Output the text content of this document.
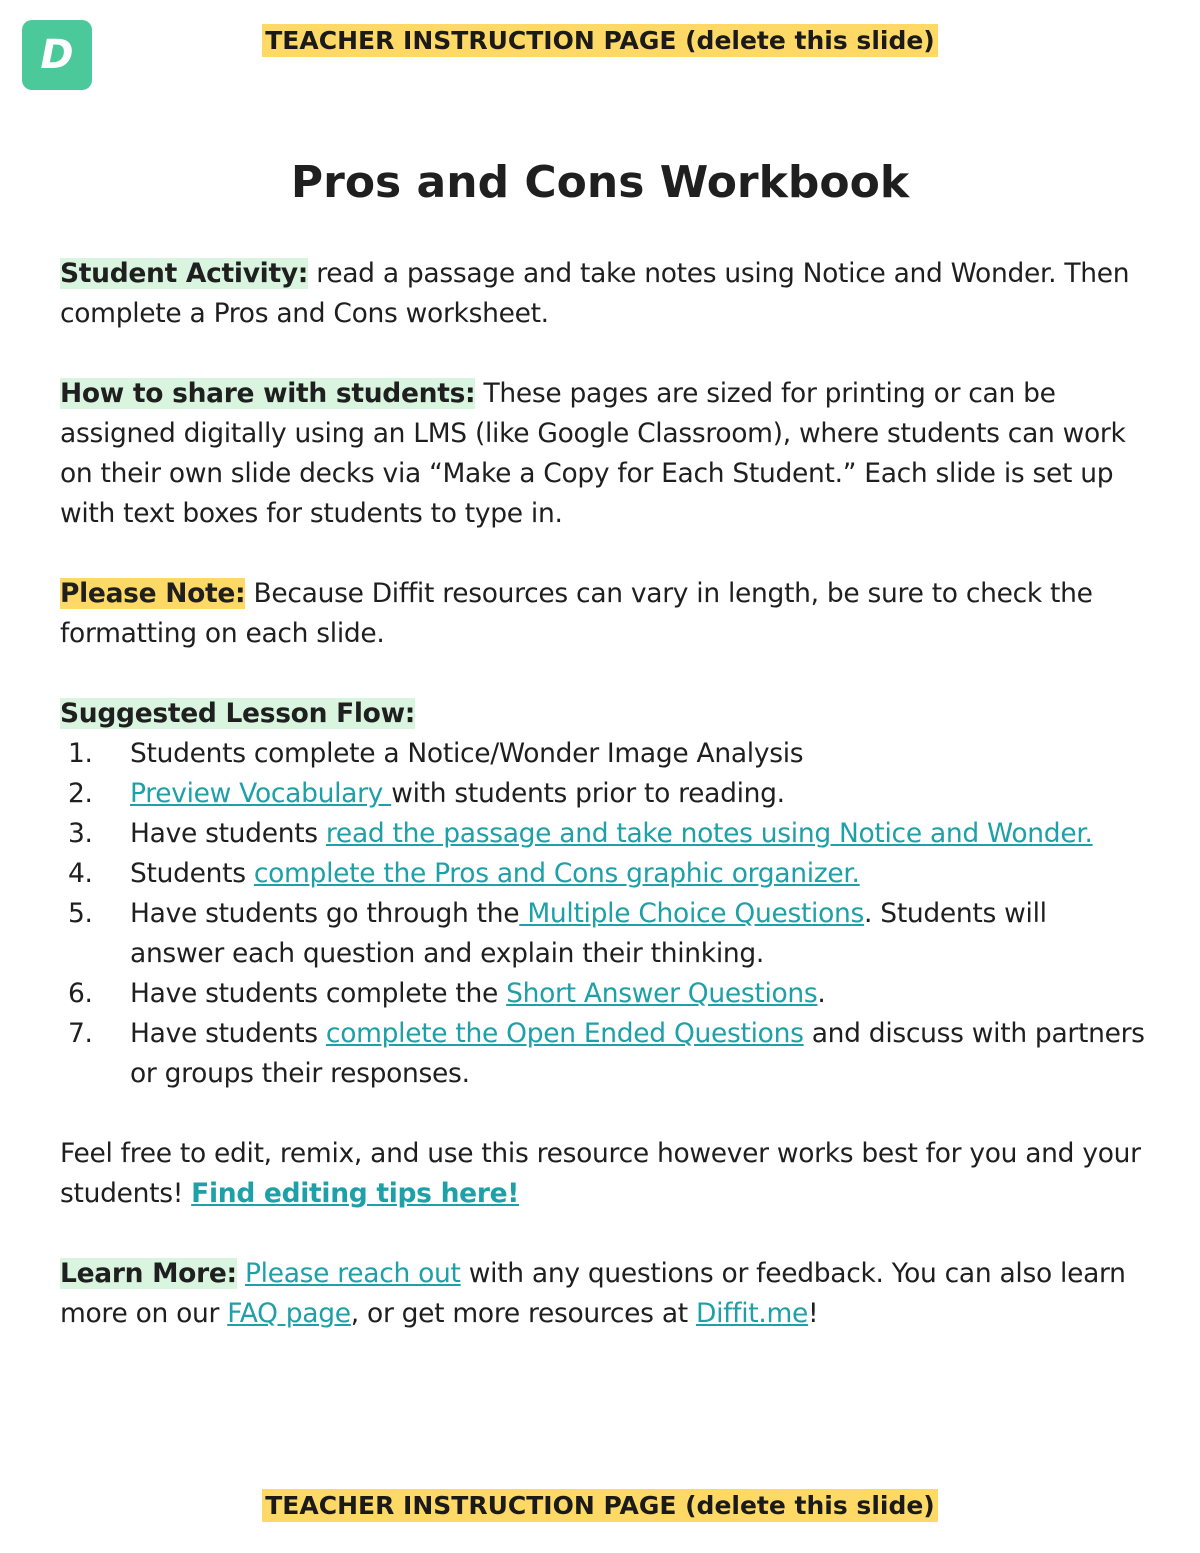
D	TEACHER INSTRUCTION PAGE (delete this slide)
Pros and Cons Workbook

Student Activity: read a passage and take notes using Notice and Wonder. Then complete a Pros and Cons worksheet.

How to share with students: These pages are sized for printing or can be assigned digitally using an LMS (like Google Classroom), where students can work on their own slide decks via “Make a Copy for Each Student.” Each slide is set up with text boxes for students to type in.

Please Note: Because Diffit resources can vary in length, be sure to check the formatting on each slide.

Suggested Lesson Flow:
1. Students complete a Notice/Wonder Image Analysis
2. Preview Vocabulary with students prior to reading.
3. Have students read the passage and take notes using Notice and Wonder.
4. Students complete the Pros and Cons graphic organizer.
5. Have students go through the Multiple Choice Questions. Students will answer each question and explain their thinking.
6. Have students complete the Short Answer Questions.
7. Have students complete the Open Ended Questions and discuss with partners or groups their responses.

Feel free to edit, remix, and use this resource however works best for you and your students! Find editing tips here!

Learn More: Please reach out with any questions or feedback. You can also learn more on our FAQ page, or get more resources at Diffit.me!

TEACHER INSTRUCTION PAGE (delete this slide)
